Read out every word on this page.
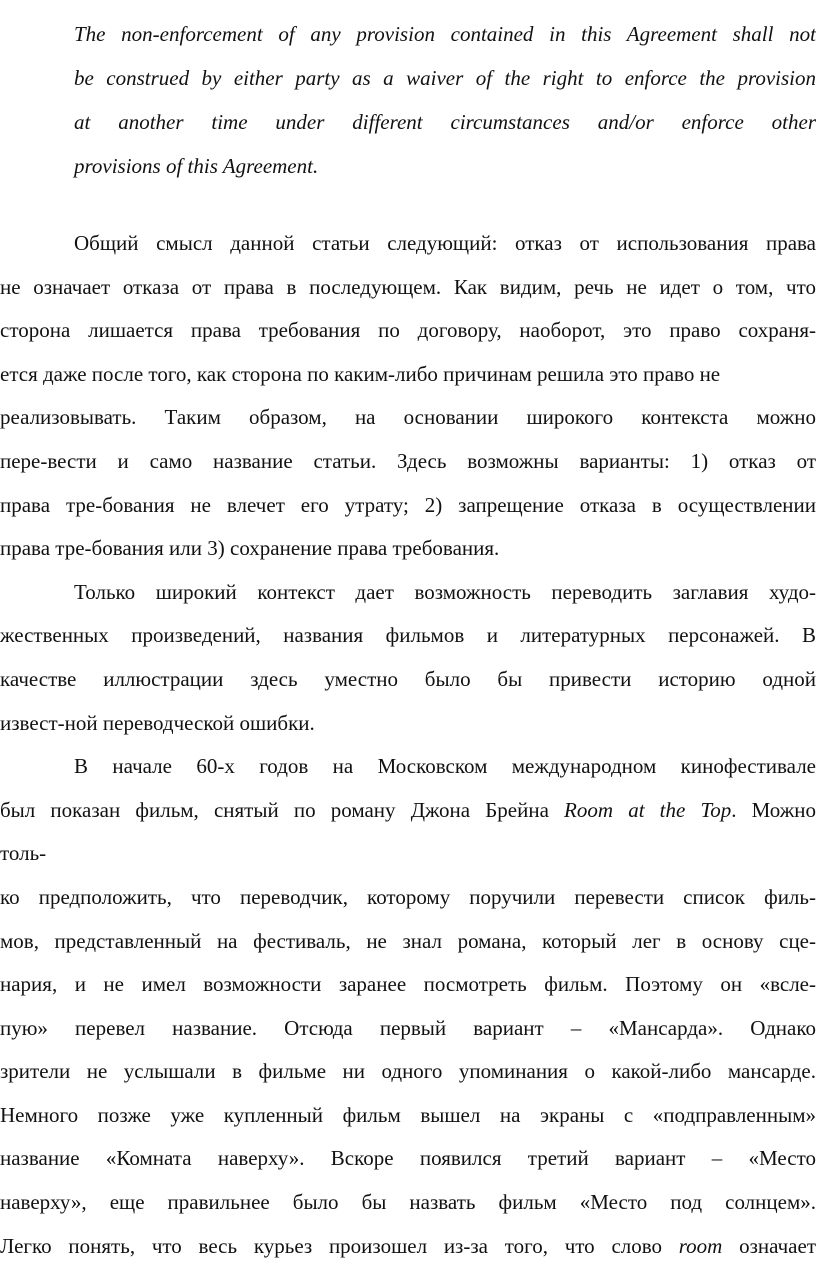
The non-enforcement of any provision contained in this Agreement shall not
be construed by either party as a waiver of the right to enforce the provision
at another time under different circumstances and/or enforce other
provisions of this Agreement.
Общий смысл данной статьи следующий: отказ от использования права
не означает отказа от права в последующем. Как видим, речь не идет о том, что
сторона лишается права требования по договору, наоборот, это право сохраня-
ется даже после того, как сторона по каким-либо причинам решила это право не
реализовывать. Таким образом, на основании широкого контекста можно
пере-вести и само название статьи. Здесь возможны варианты: 1) отказ от
права тре-бования не влечет его утрату; 2) запрещение отказа в осуществлении
права тре-бования или 3) сохранение права требования.
Только широкий контекст дает возможность переводить заглавия худо-
жественных произведений, названия фильмов и литературных персонажей. В
качестве иллюстрации здесь уместно было бы привести историю одной
извест-ной переводческой ошибки.
В начале 60-х годов на Московском международном кинофестивале
был показан фильм, снятый по роману Джона Брейна Room at the Top. Можно
толь-
ко предположить, что переводчик, которому поручили перевести список филь-
мов, представленный на фестиваль, не знал романа, который лег в основу сце-
нария, и не имел возможности заранее посмотреть фильм. Поэтому он «всле-
пую» перевел название. Отсюда первый вариант – «Мансарда». Однако
зрители не услышали в фильме ни одного упоминания о какой-либо мансарде.
Немного позже уже купленный фильм вышел на экраны с «подправленным»
название «Комната наверху». Вскоре появился третий вариант – «Место
наверху», еще правильнее было бы назвать фильм «Место под солнцем».
Легко понять, что весь курьез произошел из-за того, что слово room означает
